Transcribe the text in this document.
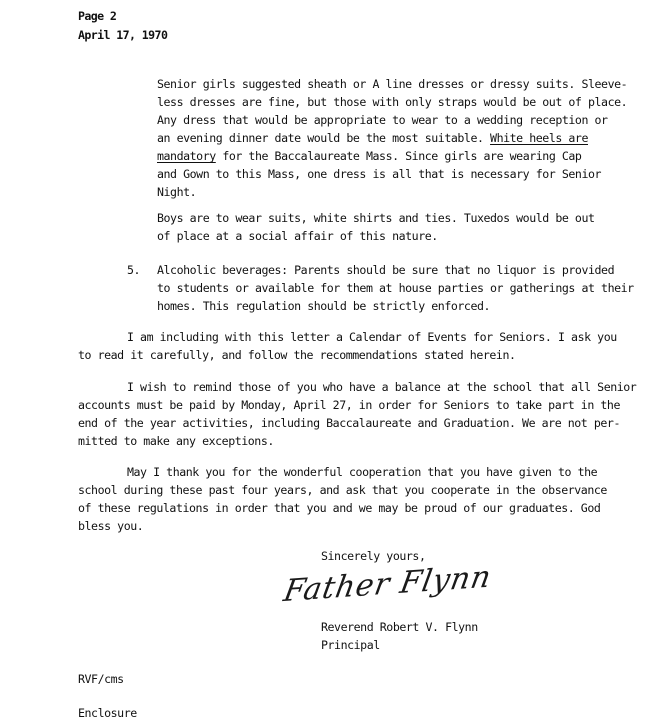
Page 2
April 17, 1970
Senior girls suggested sheath or A line dresses or dressy suits. Sleeve-
less dresses are fine, but those with only straps would be out of place.
Any dress that would be appropriate to wear to a wedding reception or
an evening dinner date would be the most suitable. White heels are
mandatory for the Baccalaureate Mass. Since girls are wearing Cap
and Gown to this Mass, one dress is all that is necessary for Senior
Night.
Boys are to wear suits, white shirts and ties. Tuxedos would be out
of place at a social affair of this nature.
5. Alcoholic beverages: Parents should be sure that no liquor is provided
to students or available for them at house parties or gatherings at their
homes. This regulation should be strictly enforced.
I am including with this letter a Calendar of Events for Seniors. I ask you
to read it carefully, and follow the recommendations stated herein.
I wish to remind those of you who have a balance at the school that all Senior
accounts must be paid by Monday, April 27, in order for Seniors to take part in the
end of the year activities, including Baccalaureate and Graduation. We are not per-
mitted to make any exceptions.
May I thank you for the wonderful cooperation that you have given to the
school during these past four years, and ask that you cooperate in the observance
of these regulations in order that you and we may be proud of our graduates. God
bless you.
Sincerely yours,
Father Flynn
Reverend Robert V. Flynn
Principal
RVF/cms
Enclosure
